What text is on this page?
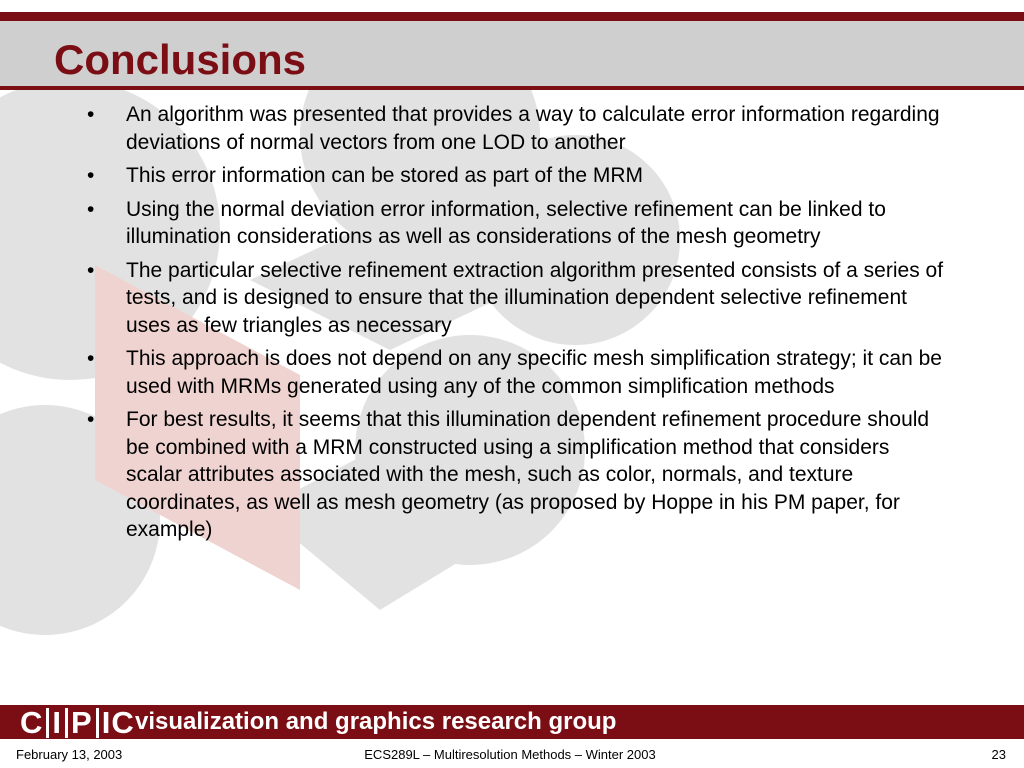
Conclusions
• An algorithm was presented that provides a way to calculate error information regarding deviations of normal vectors from one LOD to another
• This error information can be stored as part of the MRM
• Using the normal deviation error information, selective refinement can be linked to illumination considerations as well as considerations of the mesh geometry
• The particular selective refinement extraction algorithm presented consists of a series of tests, and is designed to ensure that the illumination dependent selective refinement uses as few triangles as necessary
• This approach is does not depend on any specific mesh simplification strategy; it can be used with MRMs generated using any of the common simplification methods
• For best results, it seems that this illumination dependent refinement procedure should be combined with a MRM constructed using a simplification method that considers scalar attributes associated with the mesh, such as color, normals, and texture coordinates, as well as mesh geometry (as proposed by Hoppe in his PM paper, for example)
C I P I C visualization and graphics research group
February 13, 2003	ECS289L – Multiresolution Methods – Winter 2003	23
